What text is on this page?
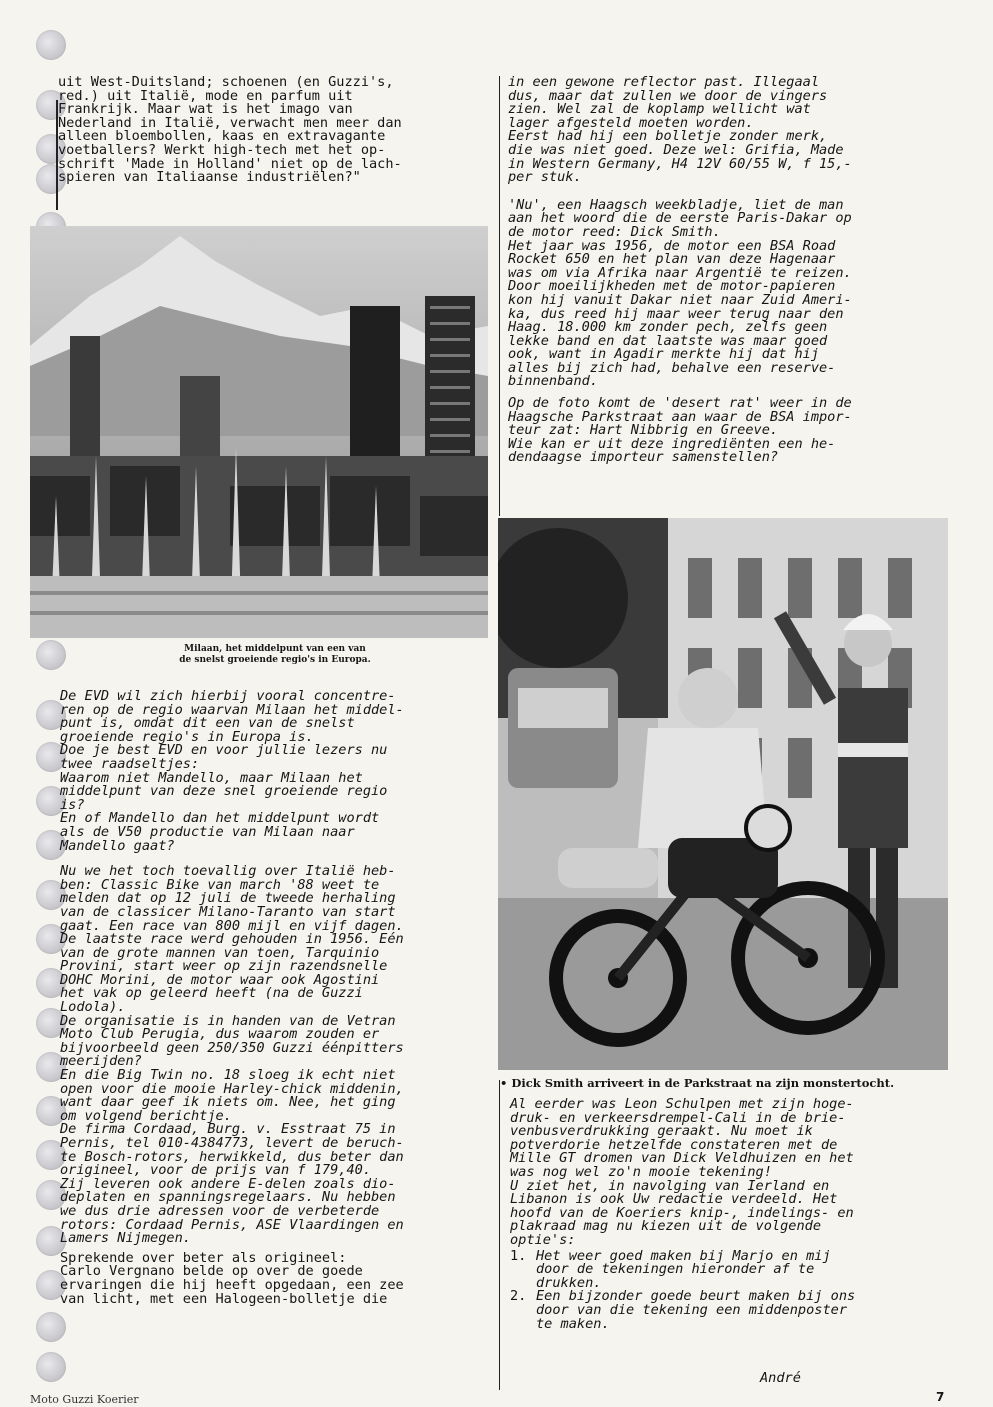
uit West-Duitsland; schoenen (en Guzzi's,
red.) uit Italië, mode en parfum uit
Frankrijk. Maar wat is het imago van
Nederland in Italië, verwacht men meer dan
alleen bloembollen, kaas en extravagante
voetballers? Werkt high-tech met het op-
schrift 'Made in Holland' niet op de lach-
spieren van Italiaanse industriëlen?"

Milaan, het middelpunt van een van
de snelst groeiende regio's in Europa.

De EVD wil zich hierbij vooral concentre-
ren op de regio waarvan Milaan het middel-
punt is, omdat dit een van de snelst
groeiende regio's in Europa is.
Doe je best EVD en voor jullie lezers nu
twee raadseltjes:
Waarom niet Mandello, maar Milaan het
middelpunt van deze snel groeiende regio
is?
En of Mandello dan het middelpunt wordt
als de V50 productie van Milaan naar
Mandello gaat?

Nu we het toch toevallig over Italië heb-
ben: Classic Bike van march '88 weet te
melden dat op 12 juli de tweede herhaling
van de classicer Milano-Taranto van start
gaat. Een race van 800 mijl en vijf dagen.
De laatste race werd gehouden in 1956. Eén
van de grote mannen van toen, Tarquinio
Provini, start weer op zijn razendsnelle
DOHC Morini, de motor waar ook Agostini
het vak op geleerd heeft (na de Guzzi
Lodola).
De organisatie is in handen van de Vetran
Moto Club Perugia, dus waarom zouden er
bijvoorbeeld geen 250/350 Guzzi éénpitters
meerijden?
En die Big Twin no. 18 sloeg ik echt niet
open voor die mooie Harley-chick middenin,
want daar geef ik niets om. Nee, het ging
om volgend berichtje.
De firma Cordaad, Burg. v. Esstraat 75 in
Pernis, tel 010-4384773, levert de beruch-
te Bosch-rotors, herwikkeld, dus beter dan
origineel, voor de prijs van f 179,40.
Zij leveren ook andere E-delen zoals dio-
deplaten en spanningsregelaars. Nu hebben
we dus drie adressen voor de verbeterde
rotors: Cordaad Pernis, ASE Vlaardingen en
Lamers Nijmegen.

Sprekende over beter als origineel:
Carlo Vergnano belde op over de goede
ervaringen die hij heeft opgedaan, een zee
van licht, met een Halogeen-bolletje die

in een gewone reflector past. Illegaal
dus, maar dat zullen we door de vingers
zien. Wel zal de koplamp wellicht wat
lager afgesteld moeten worden.
Eerst had hij een bolletje zonder merk,
die was niet goed. Deze wel: Grifia, Made
in Western Germany, H4 12V 60/55 W, f 15,-
per stuk.

'Nu', een Haagsch weekbladje, liet de man
aan het woord die de eerste Paris-Dakar op
de motor reed: Dick Smith.
Het jaar was 1956, de motor een BSA Road
Rocket 650 en het plan van deze Hagenaar
was om via Afrika naar Argentië te reizen.
Door moeilijkheden met de motor-papieren
kon hij vanuit Dakar niet naar Zuid Ameri-
ka, dus reed hij maar weer terug naar den
Haag. 18.000 km zonder pech, zelfs geen
lekke band en dat laatste was maar goed
ook, want in Agadir merkte hij dat hij
alles bij zich had, behalve een reserve-
binnenband.

Op de foto komt de 'desert rat' weer in de
Haagsche Parkstraat aan waar de BSA impor-
teur zat: Hart Nibbrig en Greeve.
Wie kan er uit deze ingrediënten een he-
dendaagse importeur samenstellen?

• Dick Smith arriveert in de Parkstraat na zijn monstertocht.

Al eerder was Leon Schulpen met zijn hoge-
druk- en verkeersdrempel-Cali in de brie-
venbusverdrukking geraakt. Nu moet ik
potverdorie hetzelfde constateren met de
Mille GT dromen van Dick Veldhuizen en het
was nog wel zo'n mooie tekening!
U ziet het, in navolging van Ierland en
Libanon is ook Uw redactie verdeeld. Het
hoofd van de Koeriers knip-, indelings- en
plakraad mag nu kiezen uit de volgende
optie's:

1. Het weer goed maken bij Marjo en mij
door de tekeningen hieronder af te
drukken.
2. Een bijzonder goede beurt maken bij ons
door van die tekening een middenposter
te maken.
André
Moto Guzzi Koerier	7
